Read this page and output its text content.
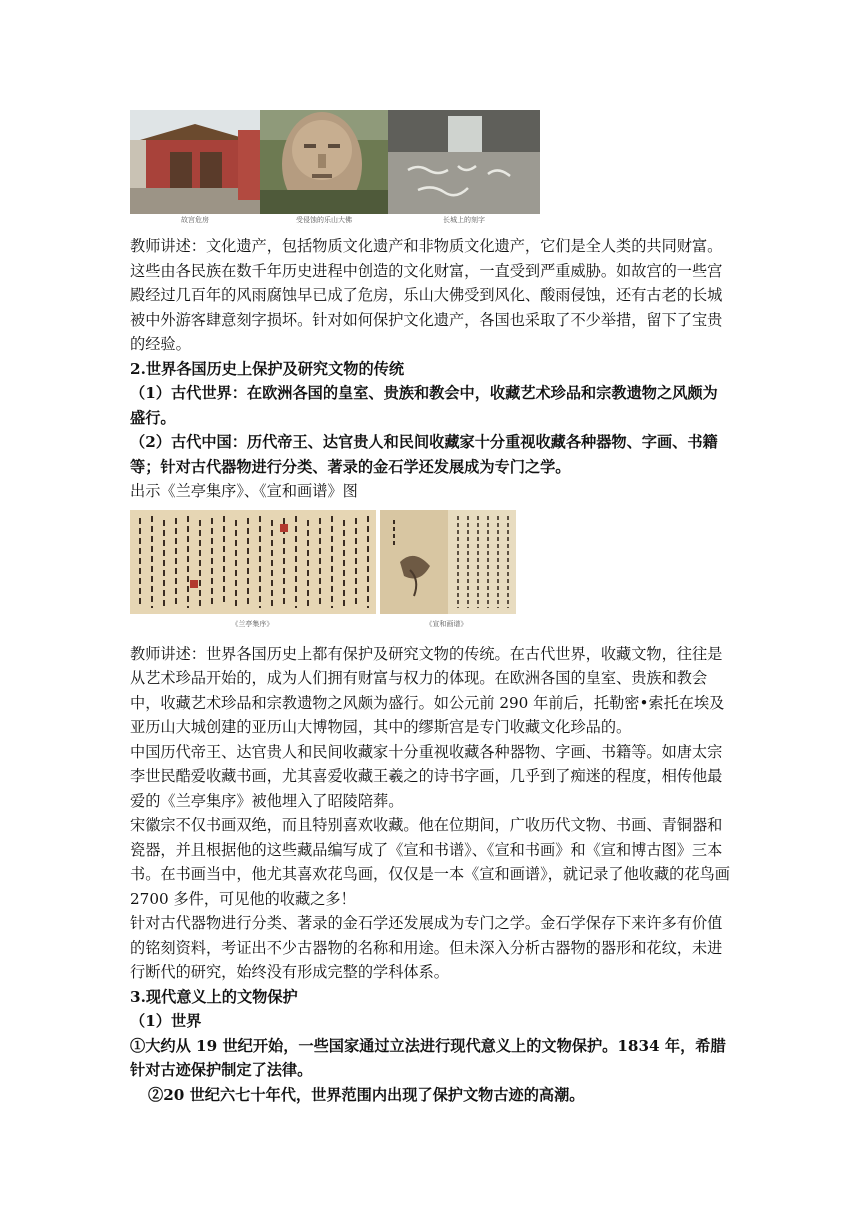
故宫危房	受侵蚀的乐山大佛	长城上的刻字

教师讲述：文化遗产，包括物质文化遗产和非物质文化遗产，它们是全人类的共同财富。这些由各民族在数千年历史进程中创造的文化财富，一直受到严重威胁。如故宫的一些宫殿经过几百年的风雨腐蚀早已成了危房，乐山大佛受到风化、酸雨侵蚀，还有古老的长城被中外游客肆意刻字损坏。针对如何保护文化遗产，各国也采取了不少举措，留下了宝贵的经验。

2.世界各国历史上保护及研究文物的传统

（1）古代世界：在欧洲各国的皇室、贵族和教会中，收藏艺术珍品和宗教遗物之风颇为盛行。

（2）古代中国：历代帝王、达官贵人和民间收藏家十分重视收藏各种器物、字画、书籍等；针对古代器物进行分类、著录的金石学还发展成为专门之学。

出示《兰亭集序》、《宣和画谱》图

《兰亭集序》	《宣和画谱》

教师讲述：世界各国历史上都有保护及研究文物的传统。在古代世界，收藏文物，往往是从艺术珍品开始的，成为人们拥有财富与权力的体现。在欧洲各国的皇室、贵族和教会中，收藏艺术珍品和宗教遗物之风颇为盛行。如公元前 290 年前后，托勒密•索托在埃及亚历山大城创建的亚历山大博物园，其中的缪斯宫是专门收藏文化珍品的。

中国历代帝王、达官贵人和民间收藏家十分重视收藏各种器物、字画、书籍等。如唐太宗李世民酷爱收藏书画，尤其喜爱收藏王羲之的诗书字画，几乎到了痴迷的程度，相传他最爱的《兰亭集序》被他埋入了昭陵陪葬。

宋徽宗不仅书画双绝，而且特别喜欢收藏。他在位期间，广收历代文物、书画、青铜器和瓷器，并且根据他的这些藏品编写成了《宣和书谱》、《宣和书画》和《宣和博古图》三本书。在书画当中，他尤其喜欢花鸟画，仅仅是一本《宣和画谱》，就记录了他收藏的花鸟画 2700 多件，可见他的收藏之多！

针对古代器物进行分类、著录的金石学还发展成为专门之学。金石学保存下来许多有价值的铭刻资料，考证出不少古器物的名称和用途。但未深入分析古器物的器形和花纹，未进行断代的研究，始终没有形成完整的学科体系。

3.现代意义上的文物保护

（1）世界

①大约从 19 世纪开始，一些国家通过立法进行现代意义上的文物保护。1834 年，希腊针对古迹保护制定了法律。

②20 世纪六七十年代，世界范围内出现了保护文物古迹的高潮。
